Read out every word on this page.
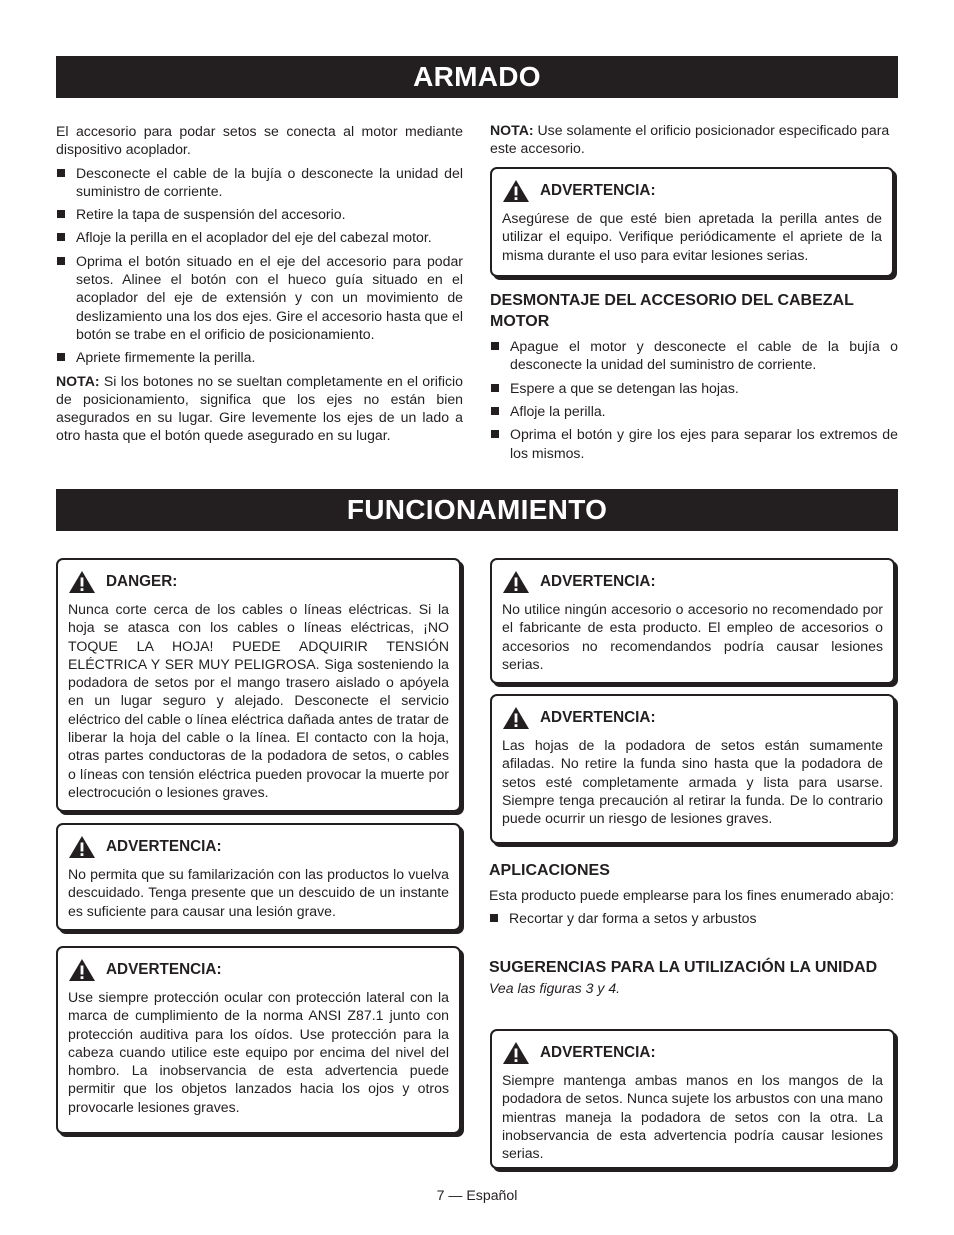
ARMADO

El accesorio para podar setos se conecta al motor mediante dispositivo acoplador.

Desconecte el cable de la bujía o desconecte la unidad del suministro de corriente.
Retire la tapa de suspensión del accesorio.
Afloje la perilla en el acoplador del eje del cabezal motor.
Oprima el botón situado en el eje del accesorio para podar setos. Alinee el botón con el hueco guía situado en el acoplador del eje de extensión y con un movimiento de deslizamiento una los dos ejes. Gire el accesorio hasta que el botón se trabe en el orificio de posicionamiento.
Apriete firmemente la perilla.

NOTA: Si los botones no se sueltan completamente en el orificio de posicionamiento, significa que los ejes no están bien asegurados en su lugar. Gire levemente los ejes de un lado a otro hasta que el botón quede asegurado en su lugar.

NOTA: Use solamente el orificio posicionador especificado para este accesorio.

ADVERTENCIA:
Asegúrese de que esté bien apretada la perilla antes de utilizar el equipo. Verifique periódicamente el apriete de la misma durante el uso para evitar lesiones serias.
DESMONTAJE DEL ACCESORIO DEL CABEZAL MOTOR
Apague el motor y desconecte el cable de la bujía o desconecte la unidad del suministro de corriente.
Espere a que se detengan las hojas.
Afloje la perilla.
Oprima el botón y gire los ejes para separar los extremos de los mismos.
FUNCIONAMIENTO
DANGER:
Nunca corte cerca de los cables o líneas eléctricas. Si la hoja se atasca con los cables o líneas eléctricas, ¡NO TOQUE LA HOJA! PUEDE ADQUIRIR TENSIÓN ELÉCTRICA Y SER MUY PELIGROSA. Siga sosteniendo la podadora de setos por el mango trasero aislado o apóyela en un lugar seguro y alejado. Desconecte el servicio eléctrico del cable o línea eléctrica dañada antes de tratar de liberar la hoja del cable o la línea. El contacto con la hoja, otras partes conductoras de la podadora de setos, o cables o líneas con tensión eléctrica pueden provocar la muerte por electrocución o lesiones graves.
ADVERTENCIA:
No permita que su familarización con las productos lo vuelva descuidado. Tenga presente que un descuido de un instante es suficiente para causar una lesión grave.
ADVERTENCIA:
Use siempre protección ocular con protección lateral con la marca de cumplimiento de la norma ANSI Z87.1 junto con protección auditiva para los oídos. Use protección para la cabeza cuando utilice este equipo por encima del nivel del hombro. La inobservancia de esta advertencia puede permitir que los objetos lanzados hacia los ojos y otros provocarle lesiones graves.
ADVERTENCIA:
No utilice ningún accesorio o accesorio no recomendado por el fabricante de esta producto. El empleo de accesorios o accesorios no recomendandos podría causar lesiones serias.
ADVERTENCIA:
Las hojas de la podadora de setos están sumamente afiladas. No retire la funda sino hasta que la podadora de setos esté completamente armada y lista para usarse. Siempre tenga precaución al retirar la funda. De lo contrario puede ocurrir un riesgo de lesiones graves.
APLICACIONES

Esta producto puede emplearse para los fines enumerado abajo:

Recortar y dar forma a setos y arbustos
SUGERENCIAS PARA LA UTILIZACIÓN LA UNIDAD

Vea las figuras 3 y 4.

ADVERTENCIA:
Siempre mantenga ambas manos en los mangos de la podadora de setos. Nunca sujete los arbustos con una mano mientras maneja la podadora de setos con la otra. La inobservancia de esta advertencia podría causar lesiones serias.
7 — Español
